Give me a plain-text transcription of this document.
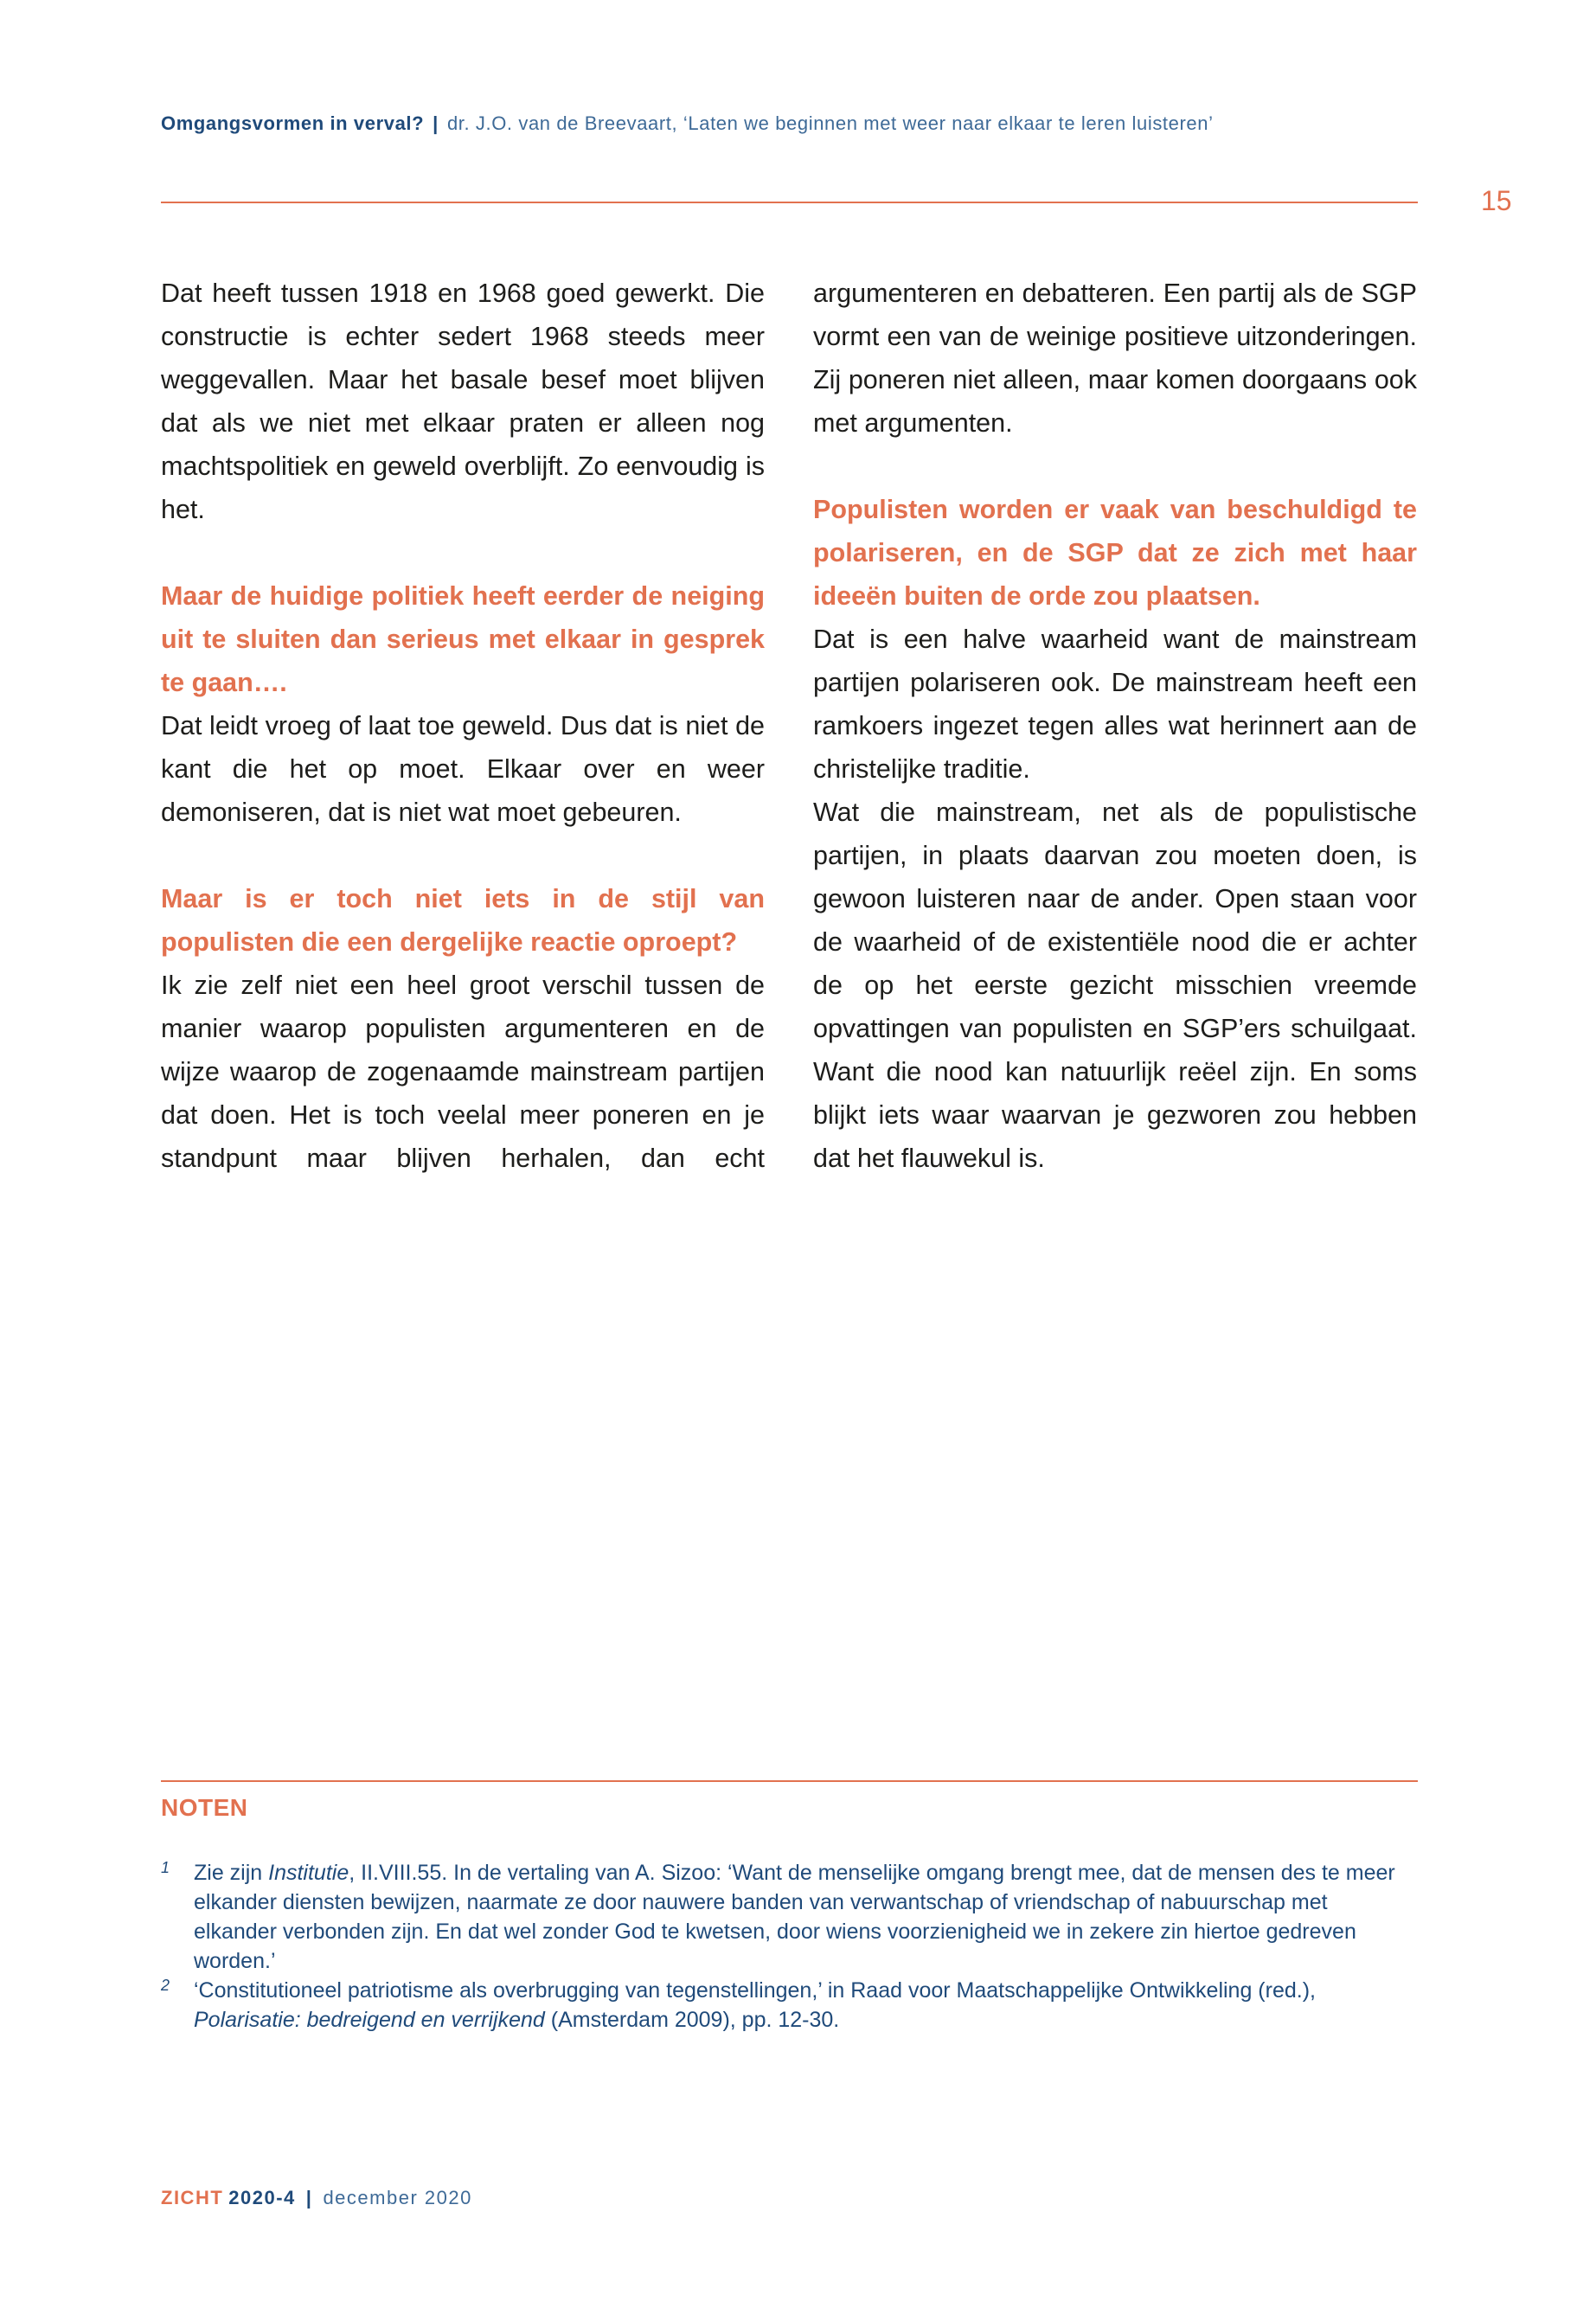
Omgangsvormen in verval? | dr. J.O. van de Breevaart, ‘Laten we beginnen met weer naar elkaar te leren luisteren’
15

Dat heeft tussen 1918 en 1968 goed gewerkt. Die constructie is echter sedert 1968 steeds meer weggevallen. Maar het basale besef moet blijven dat als we niet met elkaar praten er alleen nog machtspolitiek en geweld overblijft. Zo eenvoudig is het.

Maar de huidige politiek heeft eerder de neiging uit te sluiten dan serieus met elkaar in gesprek te gaan….

Dat leidt vroeg of laat toe geweld. Dus dat is niet de kant die het op moet. Elkaar over en weer demoniseren, dat is niet wat moet gebeuren.

Maar is er toch niet iets in de stijl van populisten die een dergelijke reactie oproept?

Ik zie zelf niet een heel groot verschil tussen de manier waarop populisten argumenteren en de wijze waarop de zogenaamde mainstream partijen dat doen. Het is toch veelal meer poneren en je standpunt maar blijven herhalen, dan echt

argumenteren en debatteren. Een partij als de SGP vormt een van de weinige positieve uitzonderingen. Zij poneren niet alleen, maar komen doorgaans ook met argumenten.

Populisten worden er vaak van beschuldigd te polariseren, en de SGP dat ze zich met haar ideeën buiten de orde zou plaatsen.

Dat is een halve waarheid want de mainstream partijen polariseren ook. De mainstream heeft een ramkoers ingezet tegen alles wat herinnert aan de christelijke traditie.

Wat die mainstream, net als de populistische partijen, in plaats daarvan zou moeten doen, is gewoon luisteren naar de ander. Open staan voor de waarheid of de existentiële nood die er achter de op het eerste gezicht misschien vreemde opvattingen van populisten en SGP’ers schuilgaat. Want die nood kan natuurlijk reëel zijn. En soms blijkt iets waar waarvan je gezworen zou hebben dat het flauwekul is.

NOTEN
1 Zie zijn Institutie, II.VIII.55. In de vertaling van A. Sizoo: ‘Want de menselijke omgang brengt mee, dat de mensen des te meer elkander diensten bewijzen, naarmate ze door nauwere banden van verwantschap of vriendschap of nabuurschap met elkander verbonden zijn. En dat wel zonder God te kwetsen, door wiens voorzienigheid we in zekere zin hiertoe gedreven worden.’
2 ‘Constitutioneel patriotisme als overbrugging van tegenstellingen,’ in Raad voor Maatschappelijke Ontwikkeling (red.), Polarisatie: bedreigend en verrijkend (Amsterdam 2009), pp. 12-30.
ZICHT 2020-4 | december 2020
